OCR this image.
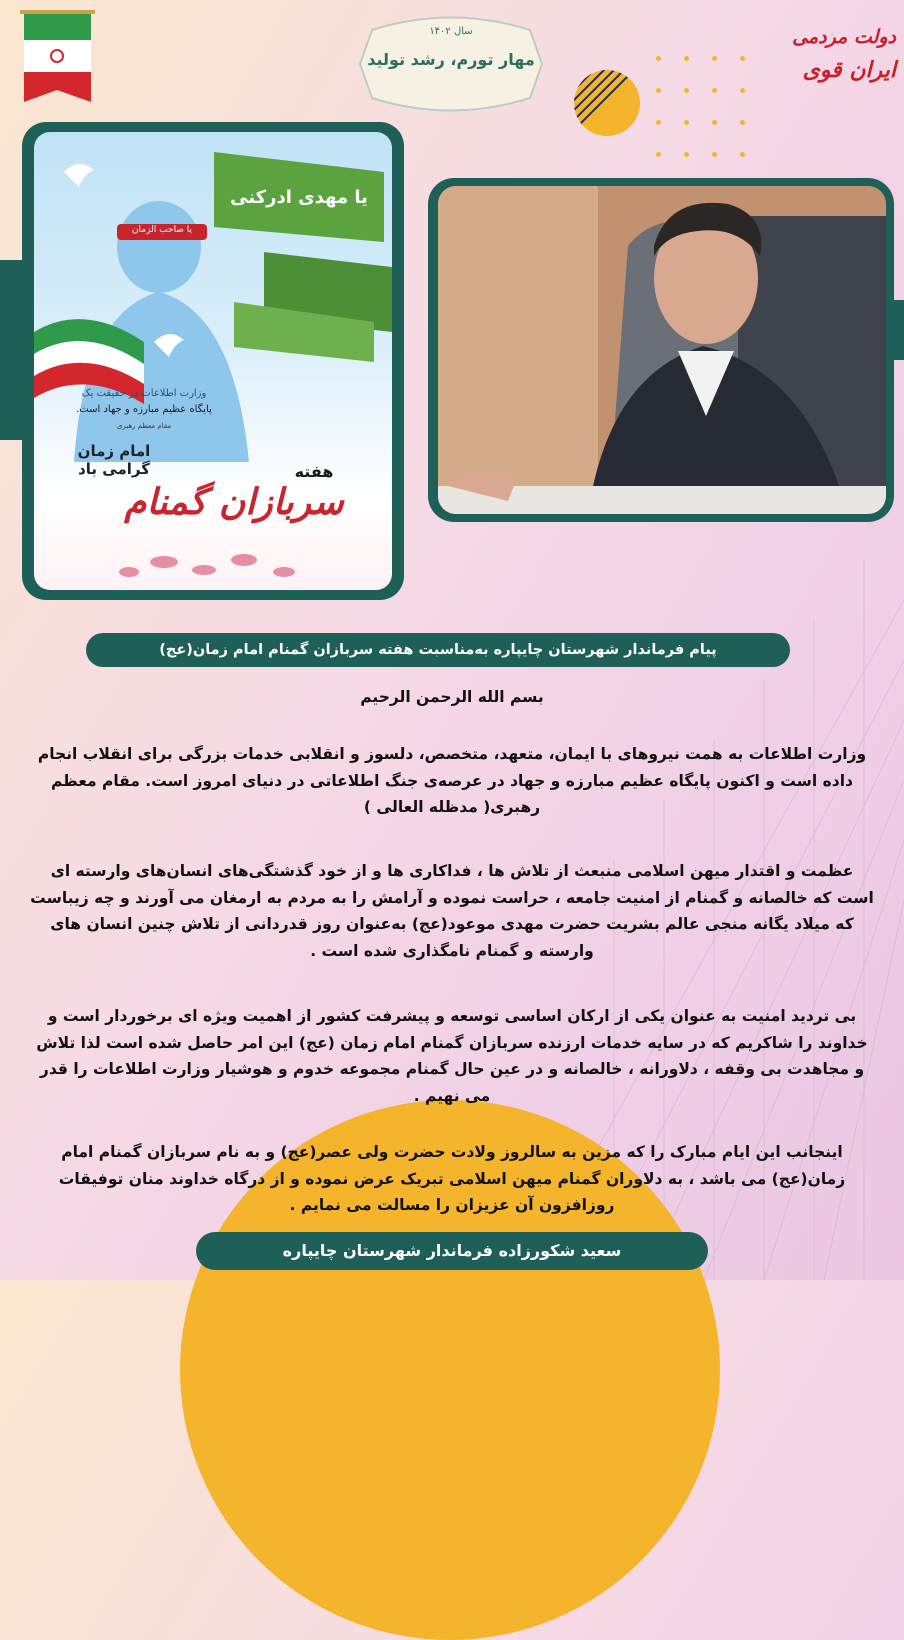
سال ۱۴۰۲
مهار تورم، رشد تولید
دولت مردمی
ایران قوی
یا مهدی ادرکنی
یا صاحب الزمان
وزارت اطلاعات در حقیقت یک
پایگاه عظیم مبارزه و جهاد است.
مقام معظم رهبری
هفته
سربازان گمنام
امام زمان گرامی باد
پیام فرماندار شهرستان چایپاره به‌مناسبت هفته سربازان گمنام امام زمان(عج)
بسم الله الرحمن الرحیم
وزارت اطلاعات به همت نیروهای با ایمان، متعهد، متخصص، دلسوز و انقلابی خدمات بزرگی برای انقلاب انجام داده است و اکنون پایگاه عظیم مبارزه و جهاد در عرصه‌ی جنگ اطلاعاتی در دنیای امروز است. مقام معظم رهبری( مدظله العالی )
عظمت و اقتدار میهن اسلامی منبعث از تلاش ها ، فداکاری ها و از خود گذشتگی‌های انسان‌های وارسته ای است که خالصانه و گمنام از امنیت جامعه ، حراست نموده و آرامش را به مردم به ارمغان می آورند و چه زیباست که میلاد یگانه منجی عالم بشریت حضرت مهدی موعود(عج) به‌عنوان روز قدردانی از تلاش چنین انسان های وارسته و گمنام نامگذاری شده است .
بی تردید امنیت به عنوان یکی از ارکان اساسی توسعه و پیشرفت کشور از اهمیت ویژه ای برخوردار است و خداوند را شاکریم که در سایه خدمات ارزنده سربازان گمنام امام زمان (عج) این امر حاصل شده است لذا تلاش و مجاهدت بی وقفه ، دلاورانه ، خالصانه و در عین حال گمنام مجموعه خدوم و هوشیار وزارت اطلاعات را قدر می نهیم .
اینجانب این ایام مبارک را که مزین به سالروز ولادت حضرت ولی عصر(عج) و به نام سربازان گمنام امام زمان(عج) می باشد ، به دلاوران گمنام میهن اسلامی تبریک عرض نموده و از درگاه خداوند منان توفیقات روزافزون آن عزیزان را مسالت می نمایم .
سعید شکورزاده فرماندار شهرستان چایپاره
